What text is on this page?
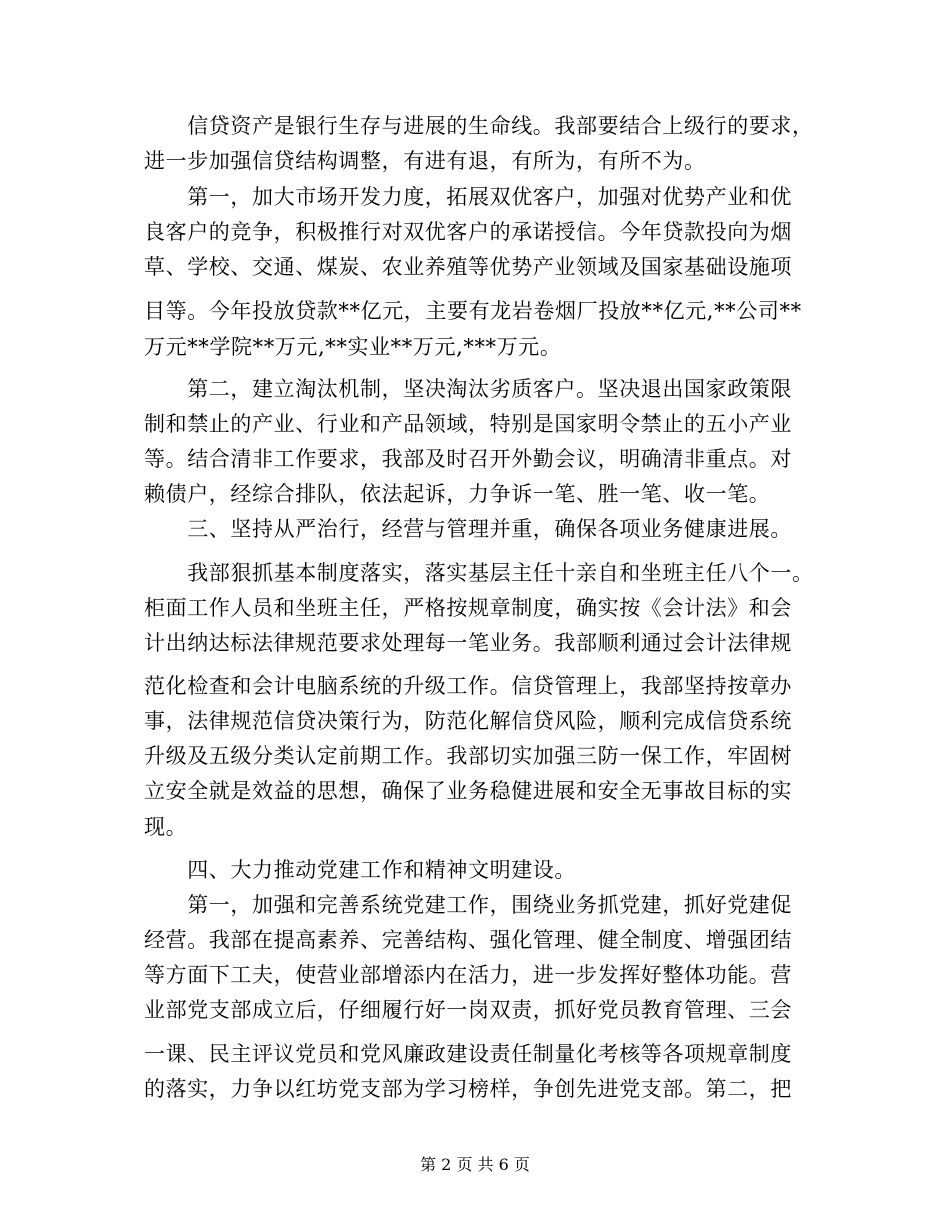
　　信贷资产是银行生存与进展的生命线。我部要结合上级行的要求，
进一步加强信贷结构调整，有进有退，有所为，有所不为。
　　第一，加大市场开发力度，拓展双优客户，加强对优势产业和优
良客户的竞争，积极推行对双优客户的承诺授信。今年贷款投向为烟
草、学校、交通、煤炭、农业养殖等优势产业领域及国家基础设施项
目等。今年投放贷款**亿元，主要有龙岩卷烟厂投放**亿元,**公司**
万元**学院**万元,**实业**万元,***万元。
　　第二，建立淘汰机制，坚决淘汰劣质客户。坚决退出国家政策限
制和禁止的产业、行业和产品领域，特别是国家明令禁止的五小产业
等。结合清非工作要求，我部及时召开外勤会议，明确清非重点。对
赖债户，经综合排队，依法起诉，力争诉一笔、胜一笔、收一笔。
　　三、坚持从严治行，经营与管理并重，确保各项业务健康进展。
　　我部狠抓基本制度落实，落实基层主任十亲自和坐班主任八个一。
柜面工作人员和坐班主任，严格按规章制度，确实按《会计法》和会
计出纳达标法律规范要求处理每一笔业务。我部顺利通过会计法律规
范化检查和会计电脑系统的升级工作。信贷管理上，我部坚持按章办
事，法律规范信贷决策行为，防范化解信贷风险，顺利完成信贷系统
升级及五级分类认定前期工作。我部切实加强三防一保工作，牢固树
立安全就是效益的思想，确保了业务稳健进展和安全无事故目标的实
现。
　　四、大力推动党建工作和精神文明建设。
　　第一，加强和完善系统党建工作，围绕业务抓党建，抓好党建促
经营。我部在提高素养、完善结构、强化管理、健全制度、增强团结
等方面下工夫，使营业部增添内在活力，进一步发挥好整体功能。营
业部党支部成立后，仔细履行好一岗双责，抓好党员教育管理、三会
一课、民主评议党员和党风廉政建设责任制量化考核等各项规章制度
的落实，力争以红坊党支部为学习榜样，争创先进党支部。第二，把
第 2 页 共 6 页
